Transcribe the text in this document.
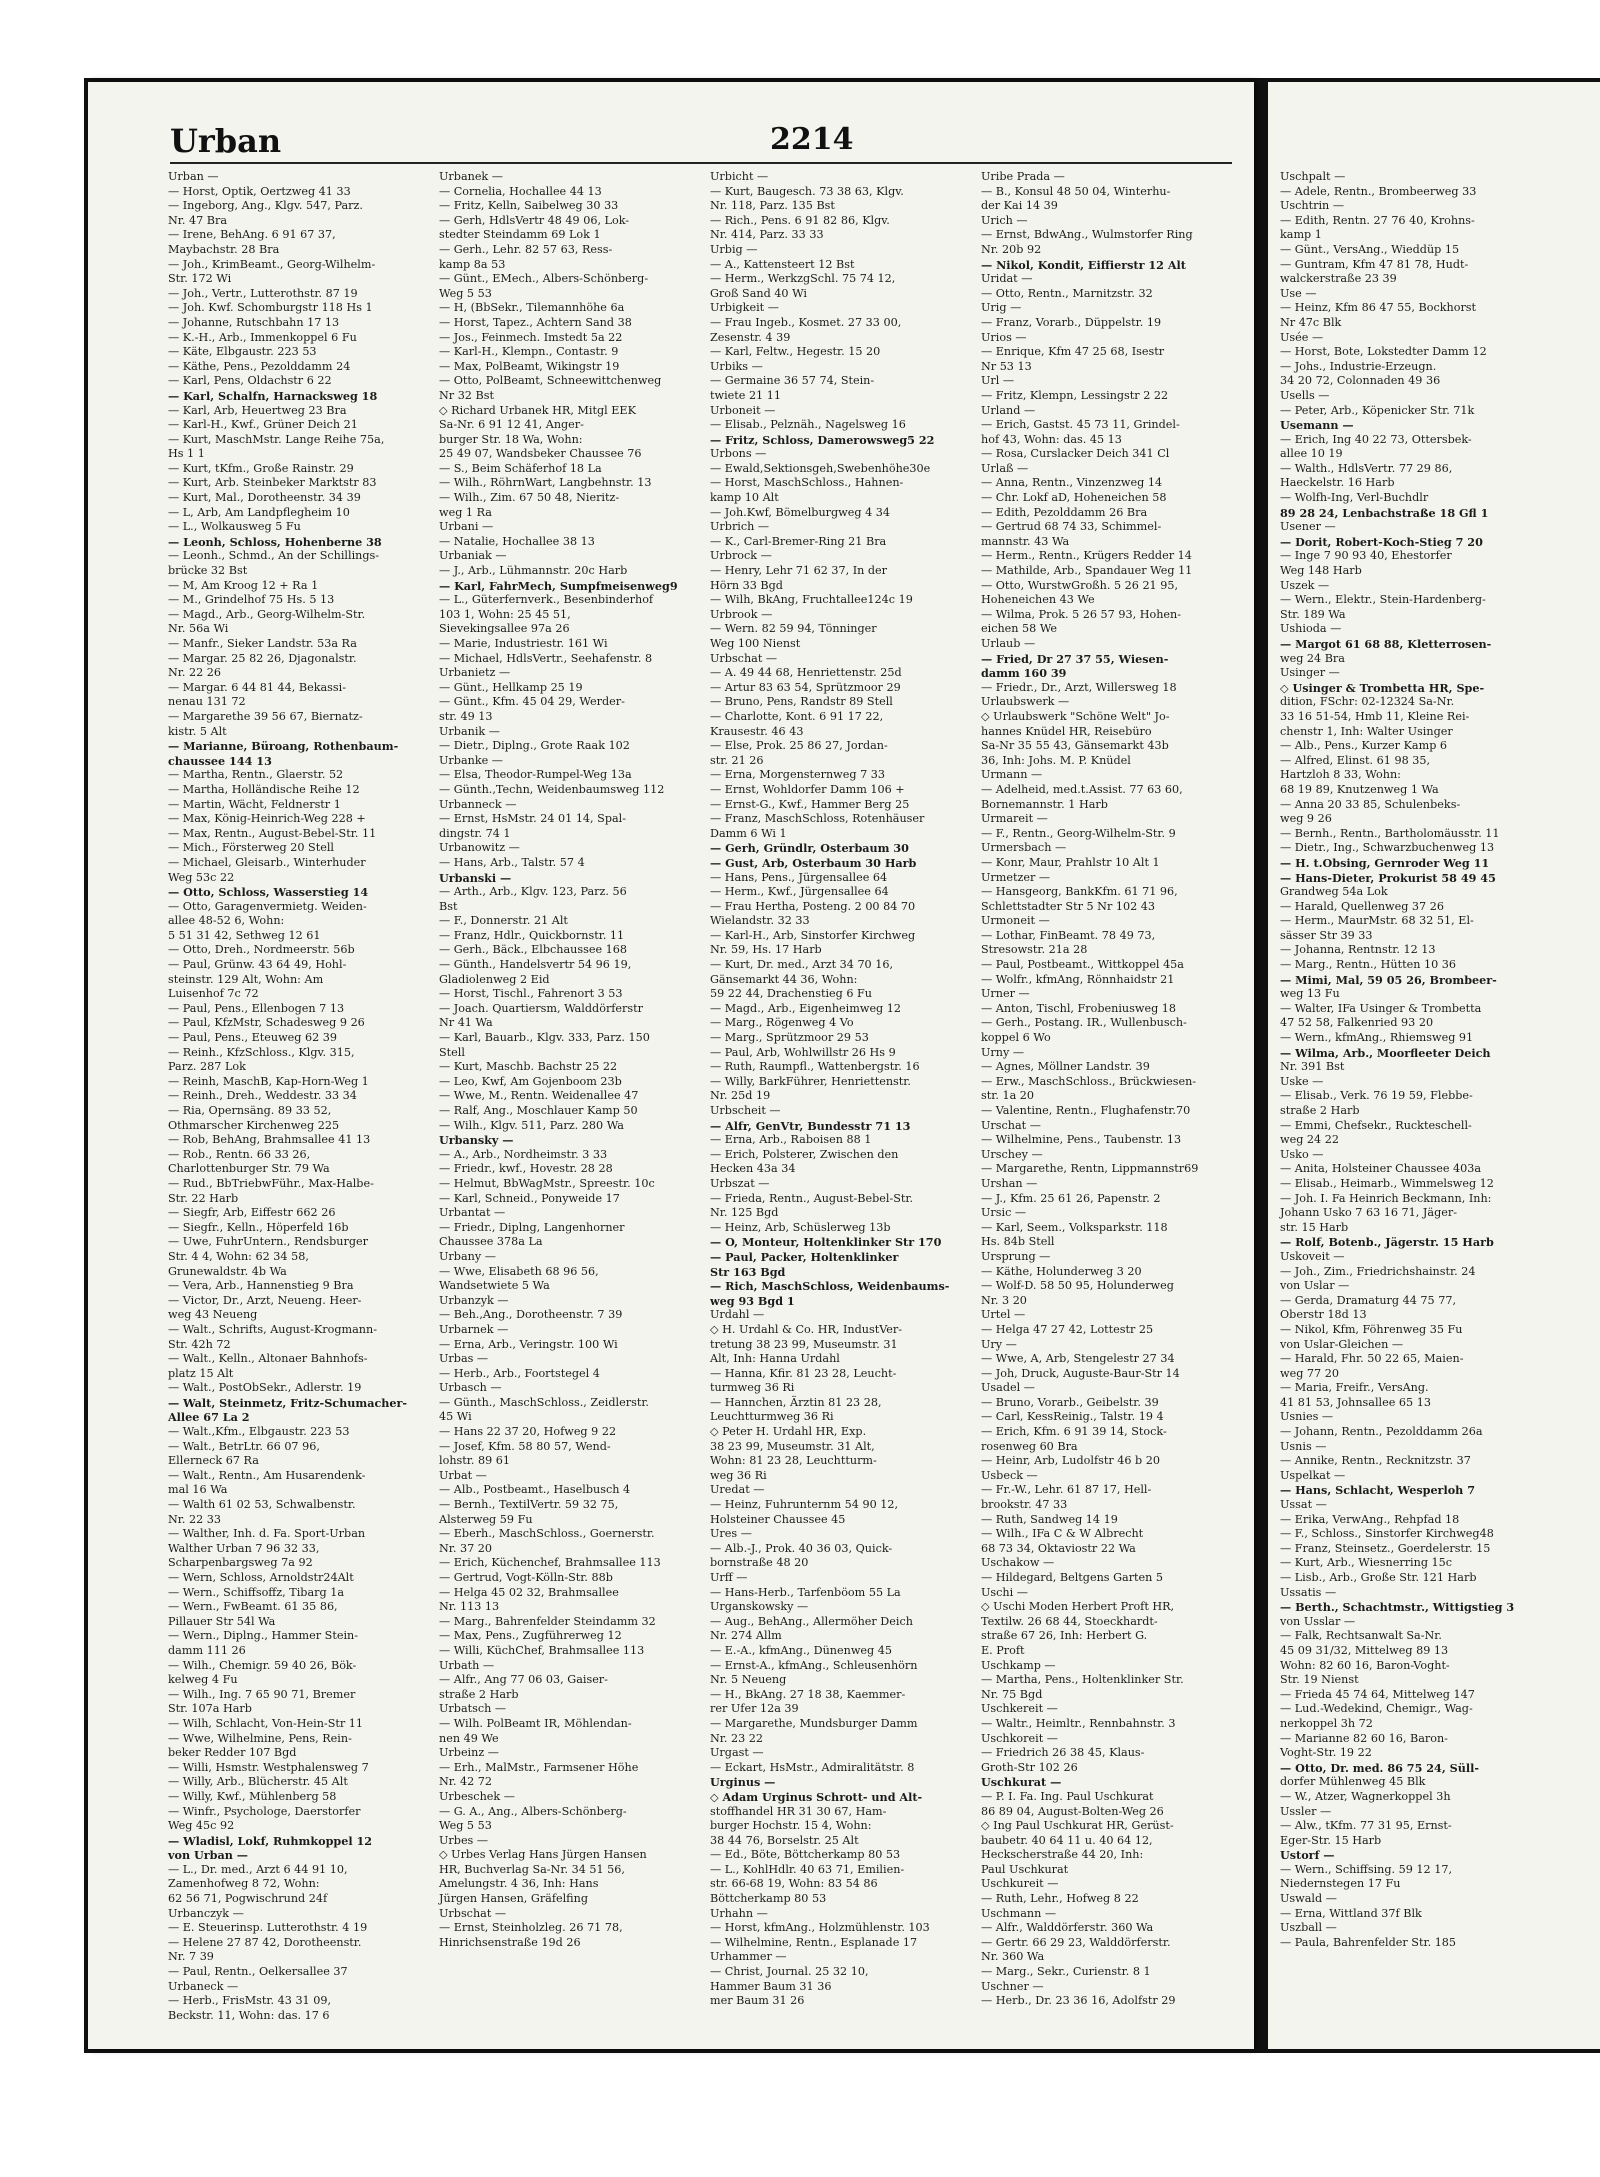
Urban	2214
Urban —
— Horst, Optik, Oertzweg 41 33
— Ingeborg, Ang., Klgv. 547, Parz.
Nr. 47 Bra
— Irene, BehAng. 6 91 67 37,
Maybachstr. 28 Bra
— Joh., KrimBeamt., Georg-Wilhelm-
Str. 172 Wi
— Joh., Vertr., Lutterothstr. 87 19
— Joh. Kwf. Schomburgstr 118 Hs 1
— Johanne, Rutschbahn 17 13
— K.-H., Arb., Immenkoppel 6 Fu
— Käte, Elbgaustr. 223 53
— Käthe, Pens., Pezolddamm 24
— Karl, Pens, Oldachstr 6 22
— Karl, Schalfn, Harnacksweg 18
— Karl, Arb, Heuertweg 23 Bra
— Karl-H., Kwf., Grüner Deich 21
— Kurt, MaschMstr. Lange Reihe 75a,
Hs 1 1
— Kurt, tKfm., Große Rainstr. 29
— Kurt, Arb. Steinbeker Marktstr 83
— Kurt, Mal., Dorotheenstr. 34 39
— L, Arb, Am Landpflegheim 10
— L., Wolkausweg 5 Fu
— Leonh, Schloss, Hohenberne 38
— Leonh., Schmd., An der Schillings-
brücke 32 Bst
— M, Am Kroog 12 + Ra 1
— M., Grindelhof 75 Hs. 5 13
— Magd., Arb., Georg-Wilhelm-Str.
Nr. 56a Wi
— Manfr., Sieker Landstr. 53a Ra
— Margar. 25 82 26, Djagonalstr.
Nr. 22 26
— Margar. 6 44 81 44, Bekassi-
nenau 131 72
— Margarethe 39 56 67, Biernatz-
kistr. 5 Alt
— Marianne, Büroang, Rothenbaum-
chaussee 144 13
— Martha, Rentn., Glaerstr. 52
— Martha, Holländische Reihe 12
— Martin, Wächt, Feldnerstr 1
— Max, König-Heinrich-Weg 228 +
— Max, Rentn., August-Bebel-Str. 11
— Mich., Försterweg 20 Stell
— Michael, Gleisarb., Winterhuder
Weg 53c 22
— Otto, Schloss, Wasserstieg 14
— Otto, Garagenvermietg. Weiden-
allee 48-52 6, Wohn:
5 51 31 42, Sethweg 12 61
— Otto, Dreh., Nordmeerstr. 56b
— Paul, Grünw. 43 64 49, Hohl-
steinstr. 129 Alt, Wohn: Am
Luisenhof 7c 72
— Paul, Pens., Ellenbogen 7 13
— Paul, KfzMstr, Schadesweg 9 26
— Paul, Pens., Eteuweg 62 39
— Reinh., KfzSchloss., Klgv. 315,
Parz. 287 Lok
— Reinh, MaschB, Kap-Horn-Weg 1
— Reinh., Dreh., Weddestr. 33 34
— Ria, Opernsäng. 89 33 52,
Othmarscher Kirchenweg 225
— Rob, BehAng, Brahmsallee 41 13
— Rob., Rentn. 66 33 26,
Charlottenburger Str. 79 Wa
— Rud., BbTriebwFühr., Max-Halbe-
Str. 22 Harb
— Siegfr, Arb, Eiffestr 662 26
— Siegfr., Kelln., Höperfeld 16b
— Uwe, FuhrUntern., Rendsburger
Str. 4 4, Wohn: 62 34 58,
Grunewaldstr. 4b Wa
— Vera, Arb., Hannenstieg 9 Bra
— Victor, Dr., Arzt, Neueng. Heer-
weg 43 Neueng
— Walt., Schrifts, August-Krogmann-
Str. 42h 72
— Walt., Kelln., Altonaer Bahnhofs-
platz 15 Alt
— Walt., PostObSekr., Adlerstr. 19
— Walt, Steinmetz, Fritz-Schumacher-
Allee 67 La 2
— Walt.,Kfm., Elbgaustr. 223 53
— Walt., BetrLtr. 66 07 96,
Ellerneck 67 Ra
— Walt., Rentn., Am Husarendenk-
mal 16 Wa
— Walth 61 02 53, Schwalbenstr.
Nr. 22 33
— Walther, Inh. d. Fa. Sport-Urban
Walther Urban 7 96 32 33,
Scharpenbargsweg 7a 92
— Wern, Schloss, Arnoldstr24Alt
— Wern., Schiffsoffz, Tibarg 1a
— Wern., FwBeamt. 61 35 86,
Pillauer Str 54l Wa
— Wern., Diplng., Hammer Stein-
damm 111 26
— Wilh., Chemigr. 59 40 26, Bök-
kelweg 4 Fu
— Wilh., Ing. 7 65 90 71, Bremer
Str. 107a Harb
— Wilh, Schlacht, Von-Hein-Str 11
— Wwe, Wilhelmine, Pens, Rein-
beker Redder 107 Bgd
— Willi, Hsmstr. Westphalensweg 7
— Willy, Arb., Blücherstr. 45 Alt
— Willy, Kwf., Mühlenberg 58
— Winfr., Psychologe, Daerstorfer
Weg 45c 92
— Wladisl, Lokf, Ruhmkoppel 12
von Urban —
— L., Dr. med., Arzt 6 44 91 10,
Zamenhofweg 8 72, Wohn:
62 56 71, Pogwischrund 24f
Urbanczyk —
— E. Steuerinsp. Lutterothstr. 4 19
— Helene 27 87 42, Dorotheenstr.
Nr. 7 39
— Paul, Rentn., Oelkersallee 37
Urbaneck —
— Herb., FrisMstr. 43 31 09,
Beckstr. 11, Wohn: das. 17 6
Urbanek —
— Cornelia, Hochallee 44 13
— Fritz, Kelln, Saibelweg 30 33
— Gerh, HdlsVertr 48 49 06, Lok-
stedter Steindamm 69 Lok 1
— Gerh., Lehr. 82 57 63, Ress-
kamp 8a 53
— Günt., EMech., Albers-Schönberg-
Weg 5 53
— H, (BbSekr., Tilemannhöhe 6a
— Horst, Tapez., Achtern Sand 38
— Jos., Feinmech. Imstedt 5a 22
— Karl-H., Klempn., Contastr. 9
— Max, PolBeamt, Wikingstr 19
— Otto, PolBeamt, Schneewittchenweg
Nr 32 Bst
◇ Richard Urbanek HR, Mitgl EEK
Sa-Nr. 6 91 12 41, Anger-
burger Str. 18 Wa, Wohn:
25 49 07, Wandsbeker Chaussee 76
— S., Beim Schäferhof 18 La
— Wilh., RöhrnWart, Langbehnstr. 13
— Wilh., Zim. 67 50 48, Nieritz-
weg 1 Ra
Urbani —
— Natalie, Hochallee 38 13
Urbaniak —
— J., Arb., Lühmannstr. 20c Harb
— Karl, FahrMech, Sumpfmeisenweg9
— L., Güterfernverk., Besenbinderhof
103 1, Wohn: 25 45 51,
Sievekingsallee 97a 26
— Marie, Industriestr. 161 Wi
— Michael, HdlsVertr., Seehafenstr. 8
Urbanietz —
— Günt., Hellkamp 25 19
— Günt., Kfm. 45 04 29, Werder-
str. 49 13
Urbanik —
— Dietr., Diplng., Grote Raak 102
Urbanke —
— Elsa, Theodor-Rumpel-Weg 13a
— Günth.,Techn, Weidenbaumsweg 112
Urbanneck —
— Ernst, HsMstr. 24 01 14, Spal-
dingstr. 74 1
Urbanowitz —
— Hans, Arb., Talstr. 57 4
Urbanski —
— Arth., Arb., Klgv. 123, Parz. 56
Bst
— F., Donnerstr. 21 Alt
— Franz, Hdlr., Quickbornstr. 11
— Gerh., Bäck., Elbchaussee 168
— Günth., Handelsvertr 54 96 19,
Gladiolenweg 2 Eid
— Horst, Tischl., Fahrenort 3 53
— Joach. Quartiersm, Walddörferstr
Nr 41 Wa
— Karl, Bauarb., Klgv. 333, Parz. 150
Stell
— Kurt, Maschb. Bachstr 25 22
— Leo, Kwf, Am Gojenboom 23b
— Wwe, M., Rentn. Weidenallee 47
— Ralf, Ang., Moschlauer Kamp 50
— Wilh., Klgv. 511, Parz. 280 Wa
Urbansky —
— A., Arb., Nordheimstr. 3 33
— Friedr., kwf., Hovestr. 28 28
— Helmut, BbWagMstr., Spreestr. 10c
— Karl, Schneid., Ponyweide 17
Urbantat —
— Friedr., Diplng, Langenhorner
Chaussee 378a La
Urbany —
— Wwe, Elisabeth 68 96 56,
Wandsetwiete 5 Wa
Urbanzyk —
— Beh.,Ang., Dorotheenstr. 7 39
Urbarnek —
— Erna, Arb., Veringstr. 100 Wi
Urbas —
— Herb., Arb., Foortstegel 4
Urbasch —
— Günth., MaschSchloss., Zeidlerstr.
45 Wi
— Hans 22 37 20, Hofweg 9 22
— Josef, Kfm. 58 80 57, Wend-
lohstr. 89 61
Urbat —
— Alb., Postbeamt., Haselbusch 4
— Bernh., TextilVertr. 59 32 75,
Alsterweg 59 Fu
— Eberh., MaschSchloss., Goernerstr.
Nr. 37 20
— Erich, Küchenchef, Brahmsallee 113
— Gertrud, Vogt-Kölln-Str. 88b
— Helga 45 02 32, Brahmsallee
Nr. 113 13
— Marg., Bahrenfelder Steindamm 32
— Max, Pens., Zugführerweg 12
— Willi, KüchChef, Brahmsallee 113
Urbath —
— Alfr., Ang 77 06 03, Gaiser-
straße 2 Harb
Urbatsch —
— Wilh. PolBeamt IR, Möhlendan-
nen 49 We
Urbeinz —
— Erh., MalMstr., Farmsener Höhe
Nr. 42 72
Urbeschek —
— G. A., Ang., Albers-Schönberg-
Weg 5 53
Urbes —
◇ Urbes Verlag Hans Jürgen Hansen
HR, Buchverlag Sa-Nr. 34 51 56,
Amelungstr. 4 36, Inh: Hans
Jürgen Hansen, Gräfelfing
Urbschat —
— Ernst, Steinholzleg. 26 71 78,
Hinrichsenstraße 19d 26
Urbicht —
— Kurt, Baugesch. 73 38 63, Klgv.
Nr. 118, Parz. 135 Bst
— Rich., Pens. 6 91 82 86, Klgv.
Nr. 414, Parz. 33 33
Urbig —
— A., Kattensteert 12 Bst
— Herm., WerkzgSchl. 75 74 12,
Groß Sand 40 Wi
Urbigkeit —
— Frau Ingeb., Kosmet. 27 33 00,
Zesenstr. 4 39
— Karl, Feltw., Hegestr. 15 20
Urbiks —
— Germaine 36 57 74, Stein-
twiete 21 11
Urboneit —
— Elisab., Pelznäh., Nagelsweg 16
— Fritz, Schloss, Damerowsweg5 22
Urbons —
— Ewald,Sektionsgeh,Swebenhöhe30e
— Horst, MaschSchloss., Hahnen-
kamp 10 Alt
— Joh.Kwf, Bömelburgweg 4 34
Urbrich —
— K., Carl-Bremer-Ring 21 Bra
Urbrock —
— Henry, Lehr 71 62 37, In der
Hörn 33 Bgd
— Wilh, BkAng, Fruchtallee124c 19
Urbrook —
— Wern. 82 59 94, Tönninger
Weg 100 Nienst
Urbschat —
— A. 49 44 68, Henriettenstr. 25d
— Artur 83 63 54, Sprützmoor 29
— Bruno, Pens, Randstr 89 Stell
— Charlotte, Kont. 6 91 17 22,
Krausestr. 46 43
— Else, Prok. 25 86 27, Jordan-
str. 21 26
— Erna, Morgensternweg 7 33
— Ernst, Wohldorfer Damm 106 +
— Ernst-G., Kwf., Hammer Berg 25
— Franz, MaschSchloss, Rotenhäuser
Damm 6 Wi 1
— Gerh, Gründlr, Osterbaum 30
— Gust, Arb, Osterbaum 30 Harb
— Hans, Pens., Jürgensallee 64
— Herm., Kwf., Jürgensallee 64
— Frau Hertha, Posteng. 2 00 84 70
Wielandstr. 32 33
— Karl-H., Arb, Sinstorfer Kirchweg
Nr. 59, Hs. 17 Harb
— Kurt, Dr. med., Arzt 34 70 16,
Gänsemarkt 44 36, Wohn:
59 22 44, Drachenstieg 6 Fu
— Magd., Arb., Eigenheimweg 12
— Marg., Rögenweg 4 Vo
— Marg., Sprützmoor 29 53
— Paul, Arb, Wohlwillstr 26 Hs 9
— Ruth, Raumpfl., Wattenbergstr. 16
— Willy, BarkFührer, Henriettenstr.
Nr. 25d 19
Urbscheit —
— Alfr, GenVtr, Bundesstr 71 13
— Erna, Arb., Raboisen 88 1
— Erich, Polsterer, Zwischen den
Hecken 43a 34
Urbszat —
— Frieda, Rentn., August-Bebel-Str.
Nr. 125 Bgd
— Heinz, Arb, Schüslerweg 13b
— O, Monteur, Holtenklinker Str 170
— Paul, Packer, Holtenklinker
Str 163 Bgd
— Rich, MaschSchloss, Weidenbaums-
weg 93 Bgd 1
Urdahl —
◇ H. Urdahl & Co. HR, IndustVer-
tretung 38 23 99, Museumstr. 31
Alt, Inh: Hanna Urdahl
— Hanna, Kfir. 81 23 28, Leucht-
turmweg 36 Ri
— Hannchen, Ärztin 81 23 28,
Leuchtturmweg 36 Ri
◇ Peter H. Urdahl HR, Exp.
38 23 99, Museumstr. 31 Alt,
Wohn: 81 23 28, Leuchtturm-
weg 36 Ri
Uredat —
— Heinz, Fuhrunternm 54 90 12,
Holsteiner Chaussee 45
Ures —
— Alb.-J., Prok. 40 36 03, Quick-
bornstraße 48 20
Urff —
— Hans-Herb., Tarfenböom 55 La
Urganskowsky —
— Aug., BehAng., Allermöher Deich
Nr. 274 Allm
— E.-A., kfmAng., Dünenweg 45
— Ernst-A., kfmAng., Schleusenhörn
Nr. 5 Neueng
— H., BkAng. 27 18 38, Kaemmer-
rer Ufer 12a 39
— Margarethe, Mundsburger Damm
Nr. 23 22
Urgast —
— Eckart, HsMstr., Admiralitätstr. 8
Urginus —
◇ Adam Urginus Schrott- und Alt-
stoffhandel HR 31 30 67, Ham-
burger Hochstr. 15 4, Wohn:
38 44 76, Borselstr. 25 Alt
— Ed., Böte, Böttcherkamp 80 53
— L., KohlHdlr. 40 63 71, Emilien-
str. 66-68 19, Wohn: 83 54 86
Böttcherkamp 80 53
Urhahn —
— Horst, kfmAng., Holzmühlenstr. 103
— Wilhelmine, Rentn., Esplanade 17
Urhammer —
— Christ, Journal. 25 32 10,
Hammer Baum 31 36
mer Baum 31 26
Uribe Prada —
— B., Konsul 48 50 04, Winterhu-
der Kai 14 39
Urich —
— Ernst, BdwAng., Wulmstorfer Ring
Nr. 20b 92
— Nikol, Kondit, Eiffierstr 12 Alt
Uridat —
— Otto, Rentn., Marnitzstr. 32
Urig —
— Franz, Vorarb., Düppelstr. 19
Urios —
— Enrique, Kfm 47 25 68, Isestr
Nr 53 13
Url —
— Fritz, Klempn, Lessingstr 2 22
Urland —
— Erich, Gastst. 45 73 11, Grindel-
hof 43, Wohn: das. 45 13
— Rosa, Curslacker Deich 341 Cl
Urlaß —
— Anna, Rentn., Vinzenzweg 14
— Chr. Lokf aD, Hoheneichen 58
— Edith, Pezolddamm 26 Bra
— Gertrud 68 74 33, Schimmel-
mannstr. 43 Wa
— Herm., Rentn., Krügers Redder 14
— Mathilde, Arb., Spandauer Weg 11
— Otto, WurstwGroßh. 5 26 21 95,
Hoheneichen 43 We
— Wilma, Prok. 5 26 57 93, Hohen-
eichen 58 We
Urlaub —
— Fried, Dr 27 37 55, Wiesen-
damm 160 39
— Friedr., Dr., Arzt, Willersweg 18
Urlaubswerk —
◇ Urlaubswerk "Schöne Welt" Jo-
hannes Knüdel HR, Reisebüro
Sa-Nr 35 55 43, Gänsemarkt 43b
36, Inh: Johs. M. P. Knüdel
Urmann —
— Adelheid, med.t.Assist. 77 63 60,
Bornemannstr. 1 Harb
Urmareit —
— F., Rentn., Georg-Wilhelm-Str. 9
Urmersbach —
— Konr, Maur, Prahlstr 10 Alt 1
Urmetzer —
— Hansgeorg, BankKfm. 61 71 96,
Schlettstadter Str 5 Nr 102 43
Urmoneit —
— Lothar, FinBeamt. 78 49 73,
Stresowstr. 21a 28
— Paul, Postbeamt., Wittkoppel 45a
— Wolfr., kfmAng, Rönnhaidstr 21
Urner —
— Anton, Tischl, Frobeniusweg 18
— Gerh., Postang. IR., Wullenbusch-
koppel 6 Wo
Urny —
— Agnes, Möllner Landstr. 39
— Erw., MaschSchloss., Brückwiesen-
str. 1a 20
— Valentine, Rentn., Flughafenstr.70
Urschat —
— Wilhelmine, Pens., Taubenstr. 13
Urschey —
— Margarethe, Rentn, Lippmannstr69
Urshan —
— J., Kfm. 25 61 26, Papenstr. 2
Ursic —
— Karl, Seem., Volksparkstr. 118
Hs. 84b Stell
Ursprung —
— Käthe, Holunderweg 3 20
— Wolf-D. 58 50 95, Holunderweg
Nr. 3 20
Urtel —
— Helga 47 27 42, Lottestr 25
Ury —
— Wwe, A, Arb, Stengelestr 27 34
— Joh, Druck, Auguste-Baur-Str 14
Usadel —
— Bruno, Vorarb., Geibelstr. 39
— Carl, KessReinig., Talstr. 19 4
— Erich, Kfm. 6 91 39 14, Stock-
rosenweg 60 Bra
— Heinr, Arb, Ludolfstr 46 b 20
Usbeck —
— Fr.-W., Lehr. 61 87 17, Hell-
brookstr. 47 33
— Ruth, Sandweg 14 19
— Wilh., IFa C & W Albrecht
68 73 34, Oktaviostr 22 Wa
Uschakow —
— Hildegard, Beltgens Garten 5
Uschi —
◇ Uschi Moden Herbert Proft HR,
Textilw. 26 68 44, Stoeckhardt-
straße 67 26, Inh: Herbert G.
E. Proft
Uschkamp —
— Martha, Pens., Holtenklinker Str.
Nr. 75 Bgd
Uschkereit —
— Waltr., Heimltr., Rennbahnstr. 3
Uschkoreit —
— Friedrich 26 38 45, Klaus-
Groth-Str 102 26
Uschkurat —
— P. I. Fa. Ing. Paul Uschkurat
86 89 04, August-Bolten-Weg 26
◇ Ing Paul Uschkurat HR, Gerüst-
baubetr. 40 64 11 u. 40 64 12,
Heckscherstraße 44 20, Inh:
Paul Uschkurat
Uschkureit —
— Ruth, Lehr., Hofweg 8 22
Uschmann —
— Alfr., Walddörferstr. 360 Wa
— Gertr. 66 29 23, Walddörferstr.
Nr. 360 Wa
— Marg., Sekr., Curienstr. 8 1
Uschner —
— Herb., Dr. 23 36 16, Adolfstr 29
Uschpalt —
— Adele, Rentn., Brombeerweg 33
Uschtrin —
— Edith, Rentn. 27 76 40, Krohns-
kamp 1
— Günt., VersAng., Wieddüp 15
— Guntram, Kfm 47 81 78, Hudt-
walckerstraße 23 39
Use —
— Heinz, Kfm 86 47 55, Bockhorst
Nr 47c Blk
Usée —
— Horst, Bote, Lokstedter Damm 12
— Johs., Industrie-Erzeugn.
34 20 72, Colonnaden 49 36
Usells —
— Peter, Arb., Köpenicker Str. 71k
Usemann —
— Erich, Ing 40 22 73, Ottersbek-
allee 10 19
— Walth., HdlsVertr. 77 29 86,
Haeckelstr. 16 Harb
— Wolfh-Ing, Verl-Buchdlr
89 28 24, Lenbachstraße 18 Gfl 1
Usener —
— Dorit, Robert-Koch-Stieg 7 20
— Inge 7 90 93 40, Ehestorfer
Weg 148 Harb
Uszek —
— Wern., Elektr., Stein-Hardenberg-
Str. 189 Wa
Ushioda —
— Margot 61 68 88, Kletterrosen-
weg 24 Bra
Usinger —
◇ Usinger & Trombetta HR, Spe-
dition, FSchr: 02-12324 Sa-Nr.
33 16 51-54, Hmb 11, Kleine Rei-
chenstr 1, Inh: Walter Usinger
— Alb., Pens., Kurzer Kamp 6
— Alfred, Elinst. 61 98 35,
Hartzloh 8 33, Wohn:
68 19 89, Knutzenweg 1 Wa
— Anna 20 33 85, Schulenbeks-
weg 9 26
— Bernh., Rentn., Bartholomäusstr. 11
— Dietr., Ing., Schwarzbuchenweg 13
— H. t.Obsing, Gernroder Weg 11
— Hans-Dieter, Prokurist 58 49 45
Grandweg 54a Lok
— Harald, Quellenweg 37 26
— Herm., MaurMstr. 68 32 51, El-
sässer Str 39 33
— Johanna, Rentnstr. 12 13
— Marg., Rentn., Hütten 10 36
— Mimi, Mal, 59 05 26, Brombeer-
weg 13 Fu
— Walter, IFa Usinger & Trombetta
47 52 58, Falkenried 93 20
— Wern., kfmAng., Rhiemsweg 91
— Wilma, Arb., Moorfleeter Deich
Nr. 391 Bst
Uske —
— Elisab., Verk. 76 19 59, Flebbe-
straße 2 Harb
— Emmi, Chefsekr., Ruckteschell-
weg 24 22
Usko —
— Anita, Holsteiner Chaussee 403a
— Elisab., Heimarb., Wimmelsweg 12
— Joh. I. Fa Heinrich Beckmann, Inh:
Johann Usko 7 63 16 71, Jäger-
str. 15 Harb
— Rolf, Botenb., Jägerstr. 15 Harb
Uskoveit —
— Joh., Zim., Friedrichshainstr. 24
von Uslar —
— Gerda, Dramaturg 44 75 77,
Oberstr 18d 13
— Nikol, Kfm, Föhrenweg 35 Fu
von Uslar-Gleichen —
— Harald, Fhr. 50 22 65, Maien-
weg 77 20
— Maria, Freifr., VersAng.
41 81 53, Johnsallee 65 13
Usnies —
— Johann, Rentn., Pezolddamm 26a
Usnis —
— Annike, Rentn., Recknitzstr. 37
Uspelkat —
— Hans, Schlacht, Wesperloh 7
Ussat —
— Erika, VerwAng., Rehpfad 18
— F., Schloss., Sinstorfer Kirchweg48
— Franz, Steinsetz., Goerdelerstr. 15
— Kurt, Arb., Wiesnerring 15c
— Lisb., Arb., Große Str. 121 Harb
Ussatis —
— Berth., Schachtmstr., Wittigstieg 3
von Usslar —
— Falk, Rechtsanwalt Sa-Nr.
45 09 31/32, Mittelweg 89 13
Wohn: 82 60 16, Baron-Voght-
Str. 19 Nienst
— Frieda 45 74 64, Mittelweg 147
— Lud.-Wedekind, Chemigr., Wag-
nerkoppel 3h 72
— Marianne 82 60 16, Baron-
Voght-Str. 19 22
— Otto, Dr. med. 86 75 24, Süll-
dorfer Mühlenweg 45 Blk
— W., Atzer, Wagnerkoppel 3h
Ussler —
— Alw., tKfm. 77 31 95, Ernst-
Eger-Str. 15 Harb
Ustorf —
— Wern., Schiffsing. 59 12 17,
Niedernstegen 17 Fu
Uswald —
— Erna, Wittland 37f Blk
Uszball —
— Paula, Bahrenfelder Str. 185
